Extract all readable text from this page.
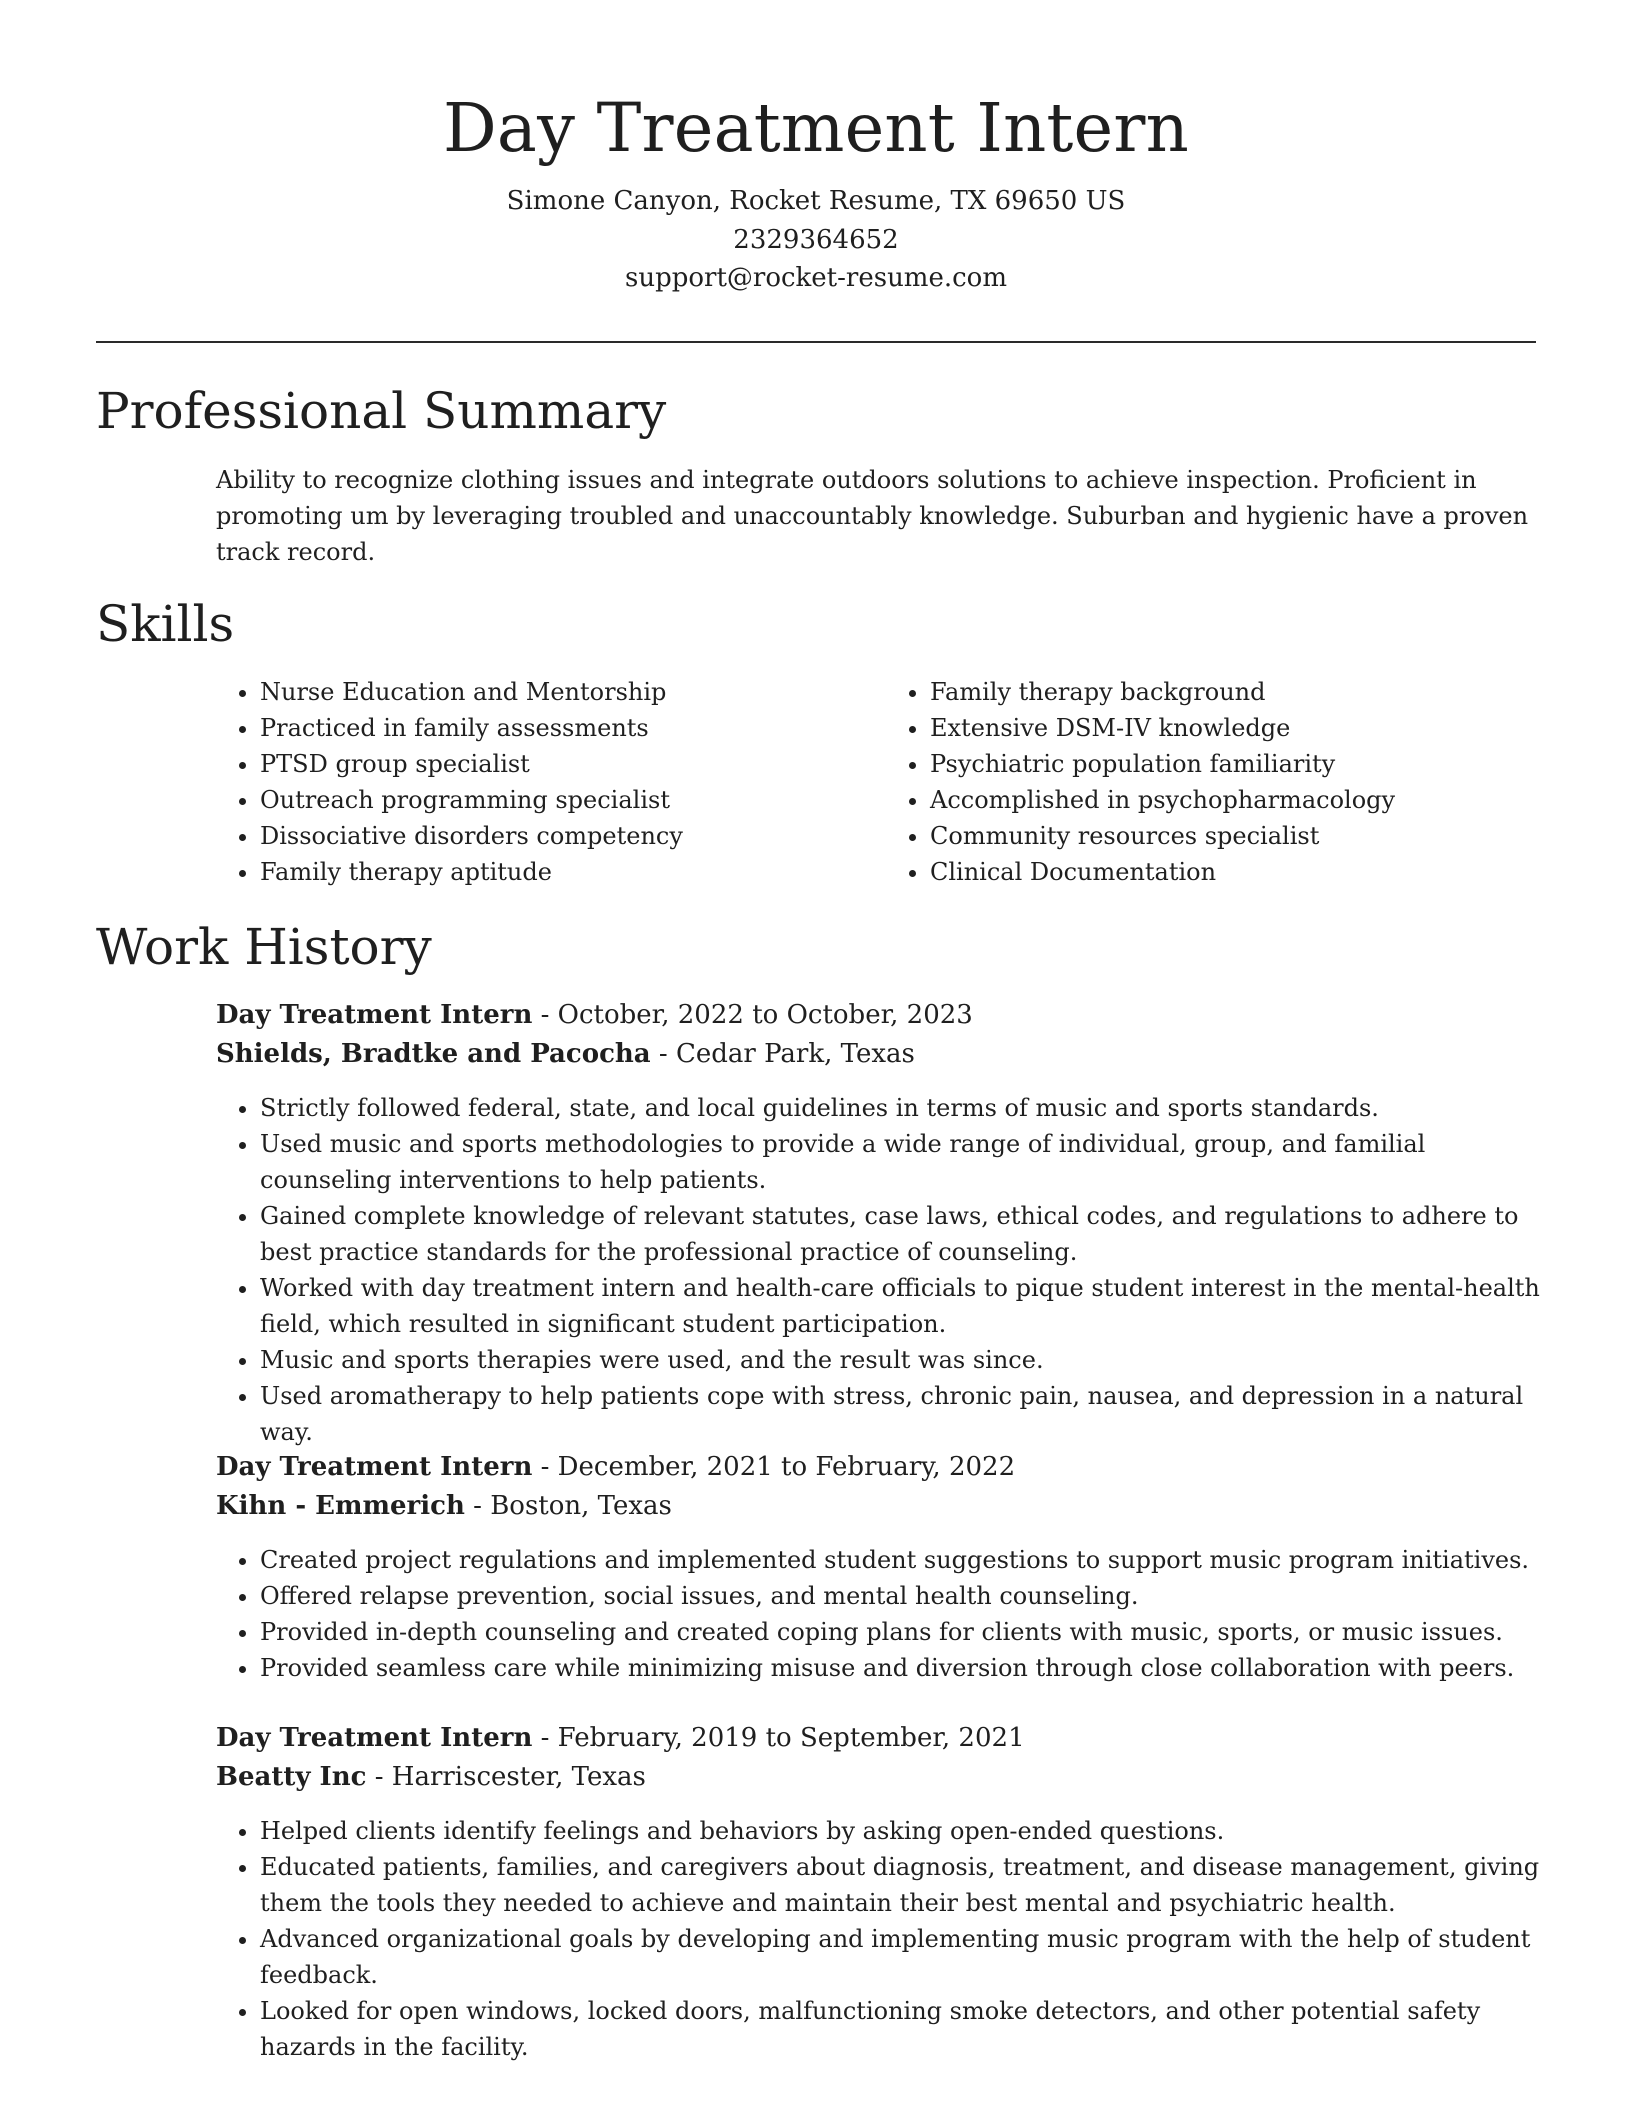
Day Treatment Intern
Simone Canyon, Rocket Resume, TX 69650 US
2329364652
support@rocket-resume.com
Professional Summary

Ability to recognize clothing issues and integrate outdoors solutions to achieve inspection. Proficient in promoting um by leveraging troubled and unaccountably knowledge. Suburban and hygienic have a proven track record.

Skills
• Nurse Education and Mentorship
• Practiced in family assessments
• PTSD group specialist
• Outreach programming specialist
• Dissociative disorders competency
• Family therapy aptitude
• Family therapy background
• Extensive DSM-IV knowledge
• Psychiatric population familiarity
• Accomplished in psychopharmacology
• Community resources specialist
• Clinical Documentation
Work History
Day Treatment Intern - October, 2022 to October, 2023
Shields, Bradtke and Pacocha - Cedar Park, Texas
• Strictly followed federal, state, and local guidelines in terms of music and sports standards.
• Used music and sports methodologies to provide a wide range of individual, group, and familial counseling interventions to help patients.
• Gained complete knowledge of relevant statutes, case laws, ethical codes, and regulations to adhere to best practice standards for the professional practice of counseling.
• Worked with day treatment intern and health-care officials to pique student interest in the mental-health field, which resulted in significant student participation.
• Music and sports therapies were used, and the result was since.
• Used aromatherapy to help patients cope with stress, chronic pain, nausea, and depression in a natural way.
Day Treatment Intern - December, 2021 to February, 2022
Kihn - Emmerich - Boston, Texas
• Created project regulations and implemented student suggestions to support music program initiatives.
• Offered relapse prevention, social issues, and mental health counseling.
• Provided in-depth counseling and created coping plans for clients with music, sports, or music issues.
• Provided seamless care while minimizing misuse and diversion through close collaboration with peers.
Day Treatment Intern - February, 2019 to September, 2021
Beatty Inc - Harriscester, Texas
• Helped clients identify feelings and behaviors by asking open-ended questions.
• Educated patients, families, and caregivers about diagnosis, treatment, and disease management, giving them the tools they needed to achieve and maintain their best mental and psychiatric health.
• Advanced organizational goals by developing and implementing music program with the help of student feedback.
• Looked for open windows, locked doors, malfunctioning smoke detectors, and other potential safety hazards in the facility.
